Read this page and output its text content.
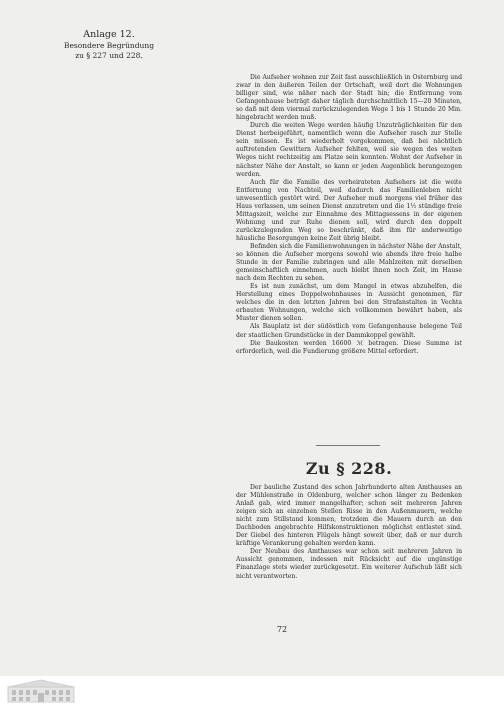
Anlage 12.
Besondere Begründung
zu § 227 und 228.

Die Aufseher wohnen zur Zeit fast ausschließlich in Osternburg und zwar in den äußeren Teilen der Ortschaft, weil dort die Wohnungen billiger sind, wie näher nach der Stadt hin; die Entfernung vom Gefangenhause beträgt daher täglich durchschnittlich 15—20 Minuten, so daß mit dem viermal zurückzulegenden Wege 1 bis 1 Stunde 20 Min. hingebracht werden muß.

Durch die weiten Wege werden häufig Unzuträglichkeiten für den Dienst herbeigeführt, namentlich wenn die Aufseher rasch zur Stelle sein müssen. Es ist wiederholt vorgekommen, daß bei nächtlich auftretenden Gewittern Aufseher fehlten, weil sie wegen des weiten Weges nicht rechtzeitig am Platze sein konnten. Wohnt der Aufseher in nächster Nähe der Anstalt, so kann er jeden Augenblick herangezogen werden.

Auch für die Familie des verheirateten Aufsehers ist die weite Entfernung von Nachteil, weil dadurch das Familienleben nicht unwesentlich gestört wird. Der Aufseher muß morgens viel früher das Haus verlassen, um seinen Dienst anzutreten und die 1½ stündige freie Mittagszeit, welche zur Einnahme des Mittagsessens in der eigenen Wohnung und zur Ruhe dienen soll, wird durch den doppelt zurückzulegenden Weg so beschränkt, daß ihm für anderweitige häusliche Besorgungen keine Zeit übrig bleibt.

Befinden sich die Familienwohnungen in nächster Nähe der Anstalt, so können die Aufseher morgens sowohl wie abends ihre freie halbe Stunde in der Familie zubringen und alle Mahlzeiten mit derselben gemeinschaftlich einnehmen, auch bleibt ihnen noch Zeit, im Hause nach dem Rechten zu sehen.

Es ist nun zunächst, um dem Mangel in etwas abzuhelfen, die Herstellung eines Doppelwohnhauses in Aussicht genommen, für welches die in den letzten Jahren bei den Strafanstalten in Vechta erbauten Wohnungen, welche sich vollkommen bewährt haben, als Muster dienen sollen.

Als Bauplatz ist der südöstlich vom Gefangenhause belegene Teil der staatlichen Grundstücke in der Dammkoppel gewählt.

Die Baukosten werden 16600 ℳ betragen. Diese Summe ist erforderlich, weil die Fundierung größere Mittel erfordert.

Zu § 228.

Der bauliche Zustand des schon Jahrhunderte alten Amthauses an der Mühlenstraße in Oldenburg, welcher schon länger zu Bedenken Anlaß gab, wird immer mangelhafter; schon seit mehreren Jahren zeigen sich an einzelnen Stellen Risse in den Außenmauern, welche nicht zum Stillstand kommen, trotzdem die Mauern durch an den Dachboden angebrachte Hilfskonstruktionen möglichst entlastet sind. Der Giebel des hinteren Flügels hängt soweit über, daß er nur durch kräftige Verankerung gehalten werden kann.

Der Neubau des Amthauses war schon seit mehreren Jahren in Aussicht genommen, indessen mit Rücksicht auf die ungünstige Finanzlage stets wieder zurückgesetzt. Ein weiterer Aufschub läßt sich nicht verantworten.

72
